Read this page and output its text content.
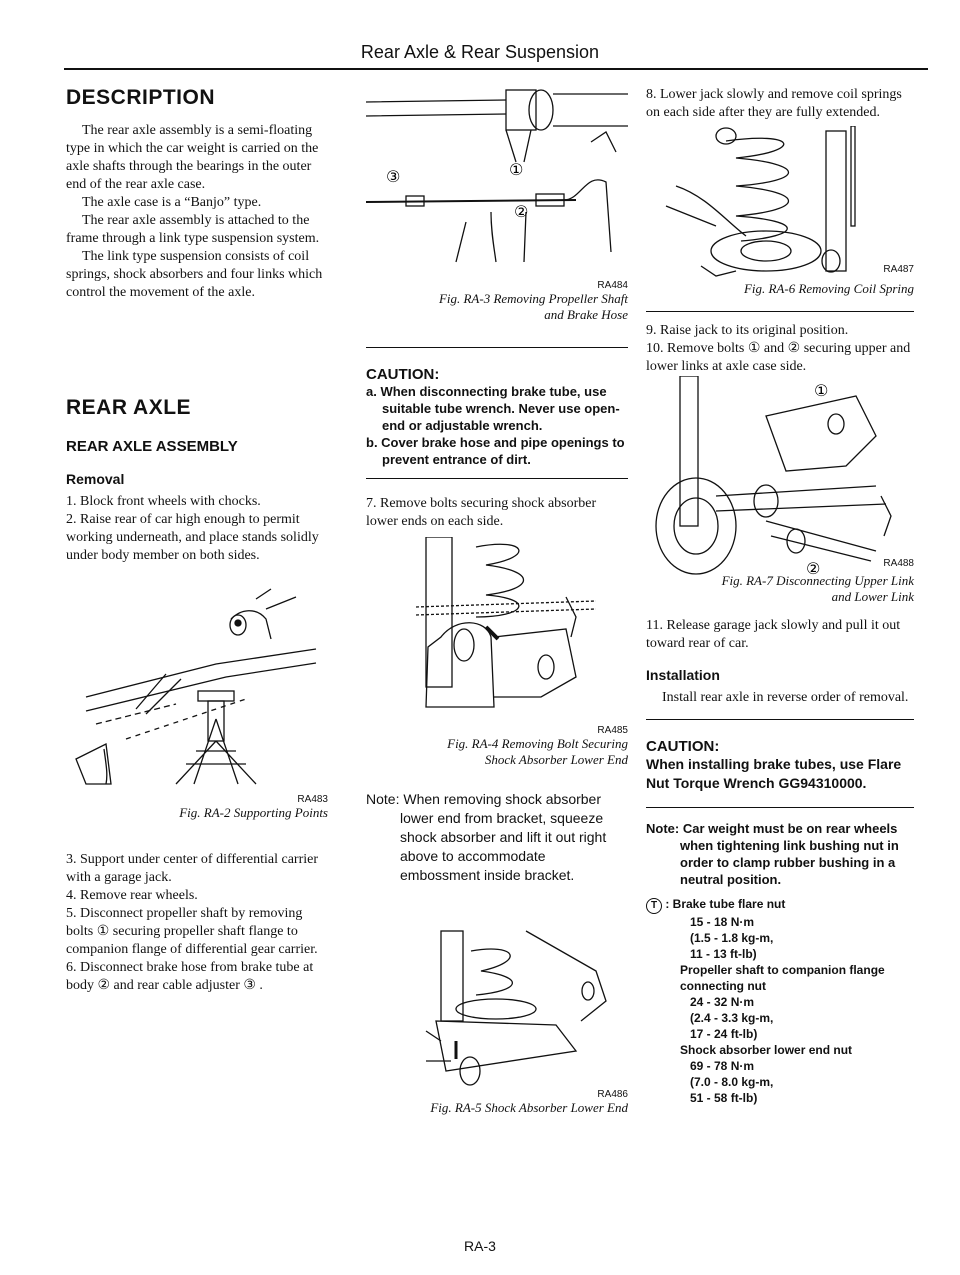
Rear Axle & Rear Suspension
DESCRIPTION

The rear axle assembly is a semi-floating type in which the car weight is carried on the axle shafts through the bearings in the outer end of the rear axle case.

The axle case is a “Banjo” type.

The rear axle assembly is attached to the frame through a link type suspension system.

The link type suspension consists of coil springs, shock absorbers and four links which control the movement of the axle.

REAR AXLE
REAR AXLE ASSEMBLY
Removal

1. Block front wheels with chocks.

2. Raise rear of car high enough to permit working underneath, and place stands solidly under body member on both sides.

RA483
Fig. RA-2 Supporting Points

3. Support under center of differential carrier with a garage jack.

4. Remove rear wheels.

5. Disconnect propeller shaft by removing bolts ① securing propeller shaft flange to companion flange of differential gear carrier.

6. Disconnect brake hose from brake tube at body ② and rear cable adjuster ③ .

③	①
②
RA484
Fig. RA-3 Removing Propeller Shaft
and Brake Hose
CAUTION:
a. When disconnecting brake tube, use suitable tube wrench. Never use open-end or adjustable wrench.
b. Cover brake hose and pipe openings to prevent entrance of dirt.

7. Remove bolts securing shock absorber lower ends on each side.

RA485
Fig. RA-4 Removing Bolt Securing
Shock Absorber Lower End
Note: When removing shock absorber lower end from bracket, squeeze shock absorber and lift it out right above to accommodate embossment inside bracket.
RA486
Fig. RA-5 Shock Absorber Lower End

8. Lower jack slowly and remove coil springs on each side after they are fully extended.

RA487
Fig. RA-6 Removing Coil Spring

9. Raise jack to its original position.

10. Remove bolts ① and ② securing upper and lower links at axle case side.

①
②	RA488
Fig. RA-7 Disconnecting Upper Link
and Lower Link

11. Release garage jack slowly and pull it out toward rear of car.

Installation

Install rear axle in reverse order of removal.

CAUTION:
When installing brake tubes, use Flare Nut Torque Wrench GG94310000.
Note: Car weight must be on rear wheels when tightening link bushing nut in order to clamp rubber bushing in a neutral position.
T : Brake tube flare nut
15 - 18 N·m
(1.5 - 1.8 kg-m,
11 - 13 ft-lb)
Propeller shaft to companion flange connecting nut
24 - 32 N·m
(2.4 - 3.3 kg-m,
17 - 24 ft-lb)
Shock absorber lower end nut
69 - 78 N·m
(7.0 - 8.0 kg-m,
51 - 58 ft-lb)
RA-3
